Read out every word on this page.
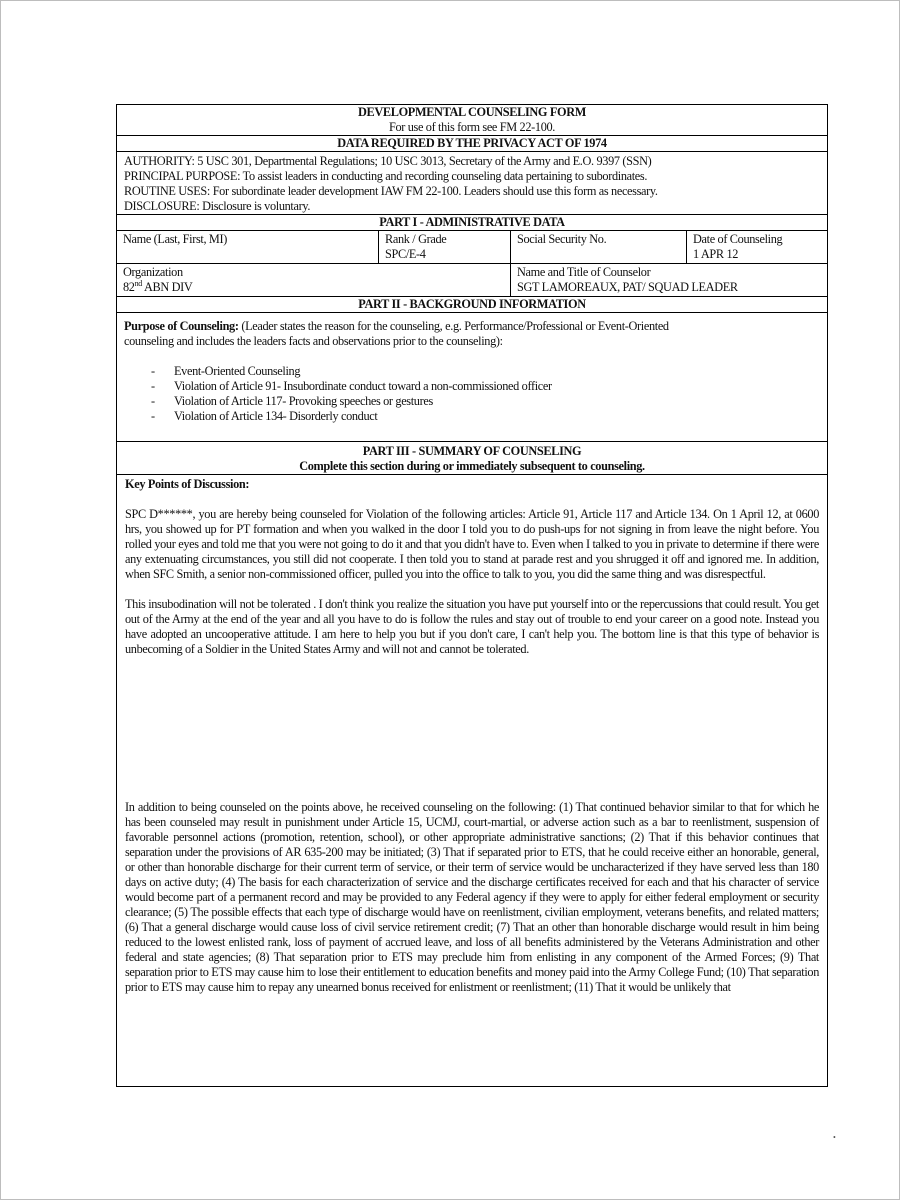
DEVELOPMENTAL COUNSELING FORM
For use of this form see FM 22-100.
DATA REQUIRED BY THE PRIVACY ACT OF 1974
AUTHORITY: 5 USC 301, Departmental Regulations; 10 USC 3013, Secretary of the Army and E.O. 9397 (SSN)
PRINCIPAL PURPOSE: To assist leaders in conducting and recording counseling data pertaining to subordinates.
ROUTINE USES: For subordinate leader development IAW FM 22-100. Leaders should use this form as necessary.
DISCLOSURE: Disclosure is voluntary.
PART I - ADMINISTRATIVE DATA
Name (Last, First, MI)	Rank / Grade
SPC/E-4
Social Security No.	Date of Counseling
1 APR 12
Organization
82nd ABN DIV
Name and Title of Counselor
SGT LAMOREAUX, PAT/ SQUAD LEADER
PART II - BACKGROUND INFORMATION
Purpose of Counseling: (Leader states the reason for the counseling, e.g. Performance/Professional or Event-Oriented
counseling and includes the leaders facts and observations prior to the counseling):
- Event-Oriented Counseling
- Violation of Article 91- Insubordinate conduct toward a non-commissioned officer
- Violation of Article 117- Provoking speeches or gestures
- Violation of Article 134- Disorderly conduct
PART III - SUMMARY OF COUNSELING
Complete this section during or immediately subsequent to counseling.
Key Points of Discussion:

SPC D******, you are hereby being counseled for Violation of the following articles: Article 91, Article 117 and Article 134. On 1 April 12, at 0600 hrs, you showed up for PT formation and when you walked in the door I told you to do push-ups for not signing in from leave the night before. You rolled your eyes and told me that you were not going to do it and that you didn't have to. Even when I talked to you in private to determine if there were any extenuating circumstances, you still did not cooperate. I then told you to stand at parade rest and you shrugged it off and ignored me. In addition, when SFC Smith, a senior non-commissioned officer, pulled you into the office to talk to you, you did the same thing and was disrespectful.

This insubodination will not be tolerated . I don't think you realize the situation you have put yourself into or the repercussions that could result. You get out of the Army at the end of the year and all you have to do is follow the rules and stay out of trouble to end your career on a good note. Instead you have adopted an uncooperative attitude. I am here to help you but if you don't care, I can't help you. The bottom line is that this type of behavior is unbecoming of a Soldier in the United States Army and will not and cannot be tolerated.

In addition to being counseled on the points above, he received counseling on the following: (1) That continued behavior similar to that for which he has been counseled may result in punishment under Article 15, UCMJ, court-martial, or adverse action such as a bar to reenlistment, suspension of favorable personnel actions (promotion, retention, school), or other appropriate administrative sanctions; (2) That if this behavior continues that separation under the provisions of AR 635-200 may be initiated; (3) That if separated prior to ETS, that he could receive either an honorable, general, or other than honorable discharge for their current term of service, or their term of service would be uncharacterized if they have served less than 180 days on active duty; (4) The basis for each characterization of service and the discharge certificates received for each and that his character of service would become part of a permanent record and may be provided to any Federal agency if they were to apply for either federal employment or security clearance; (5) The possible effects that each type of discharge would have on reenlistment, civilian employment, veterans benefits, and related matters; (6) That a general discharge would cause loss of civil service retirement credit; (7) That an other than honorable discharge would result in him being reduced to the lowest enlisted rank, loss of payment of accrued leave, and loss of all benefits administered by the Veterans Administration and other federal and state agencies; (8) That separation prior to ETS may preclude him from enlisting in any component of the Armed Forces; (9) That separation prior to ETS may cause him to lose their entitlement to education benefits and money paid into the Army College Fund; (10) That separation prior to ETS may cause him to repay any unearned bonus received for enlistment or reenlistment; (11) That it would be unlikely that

•
